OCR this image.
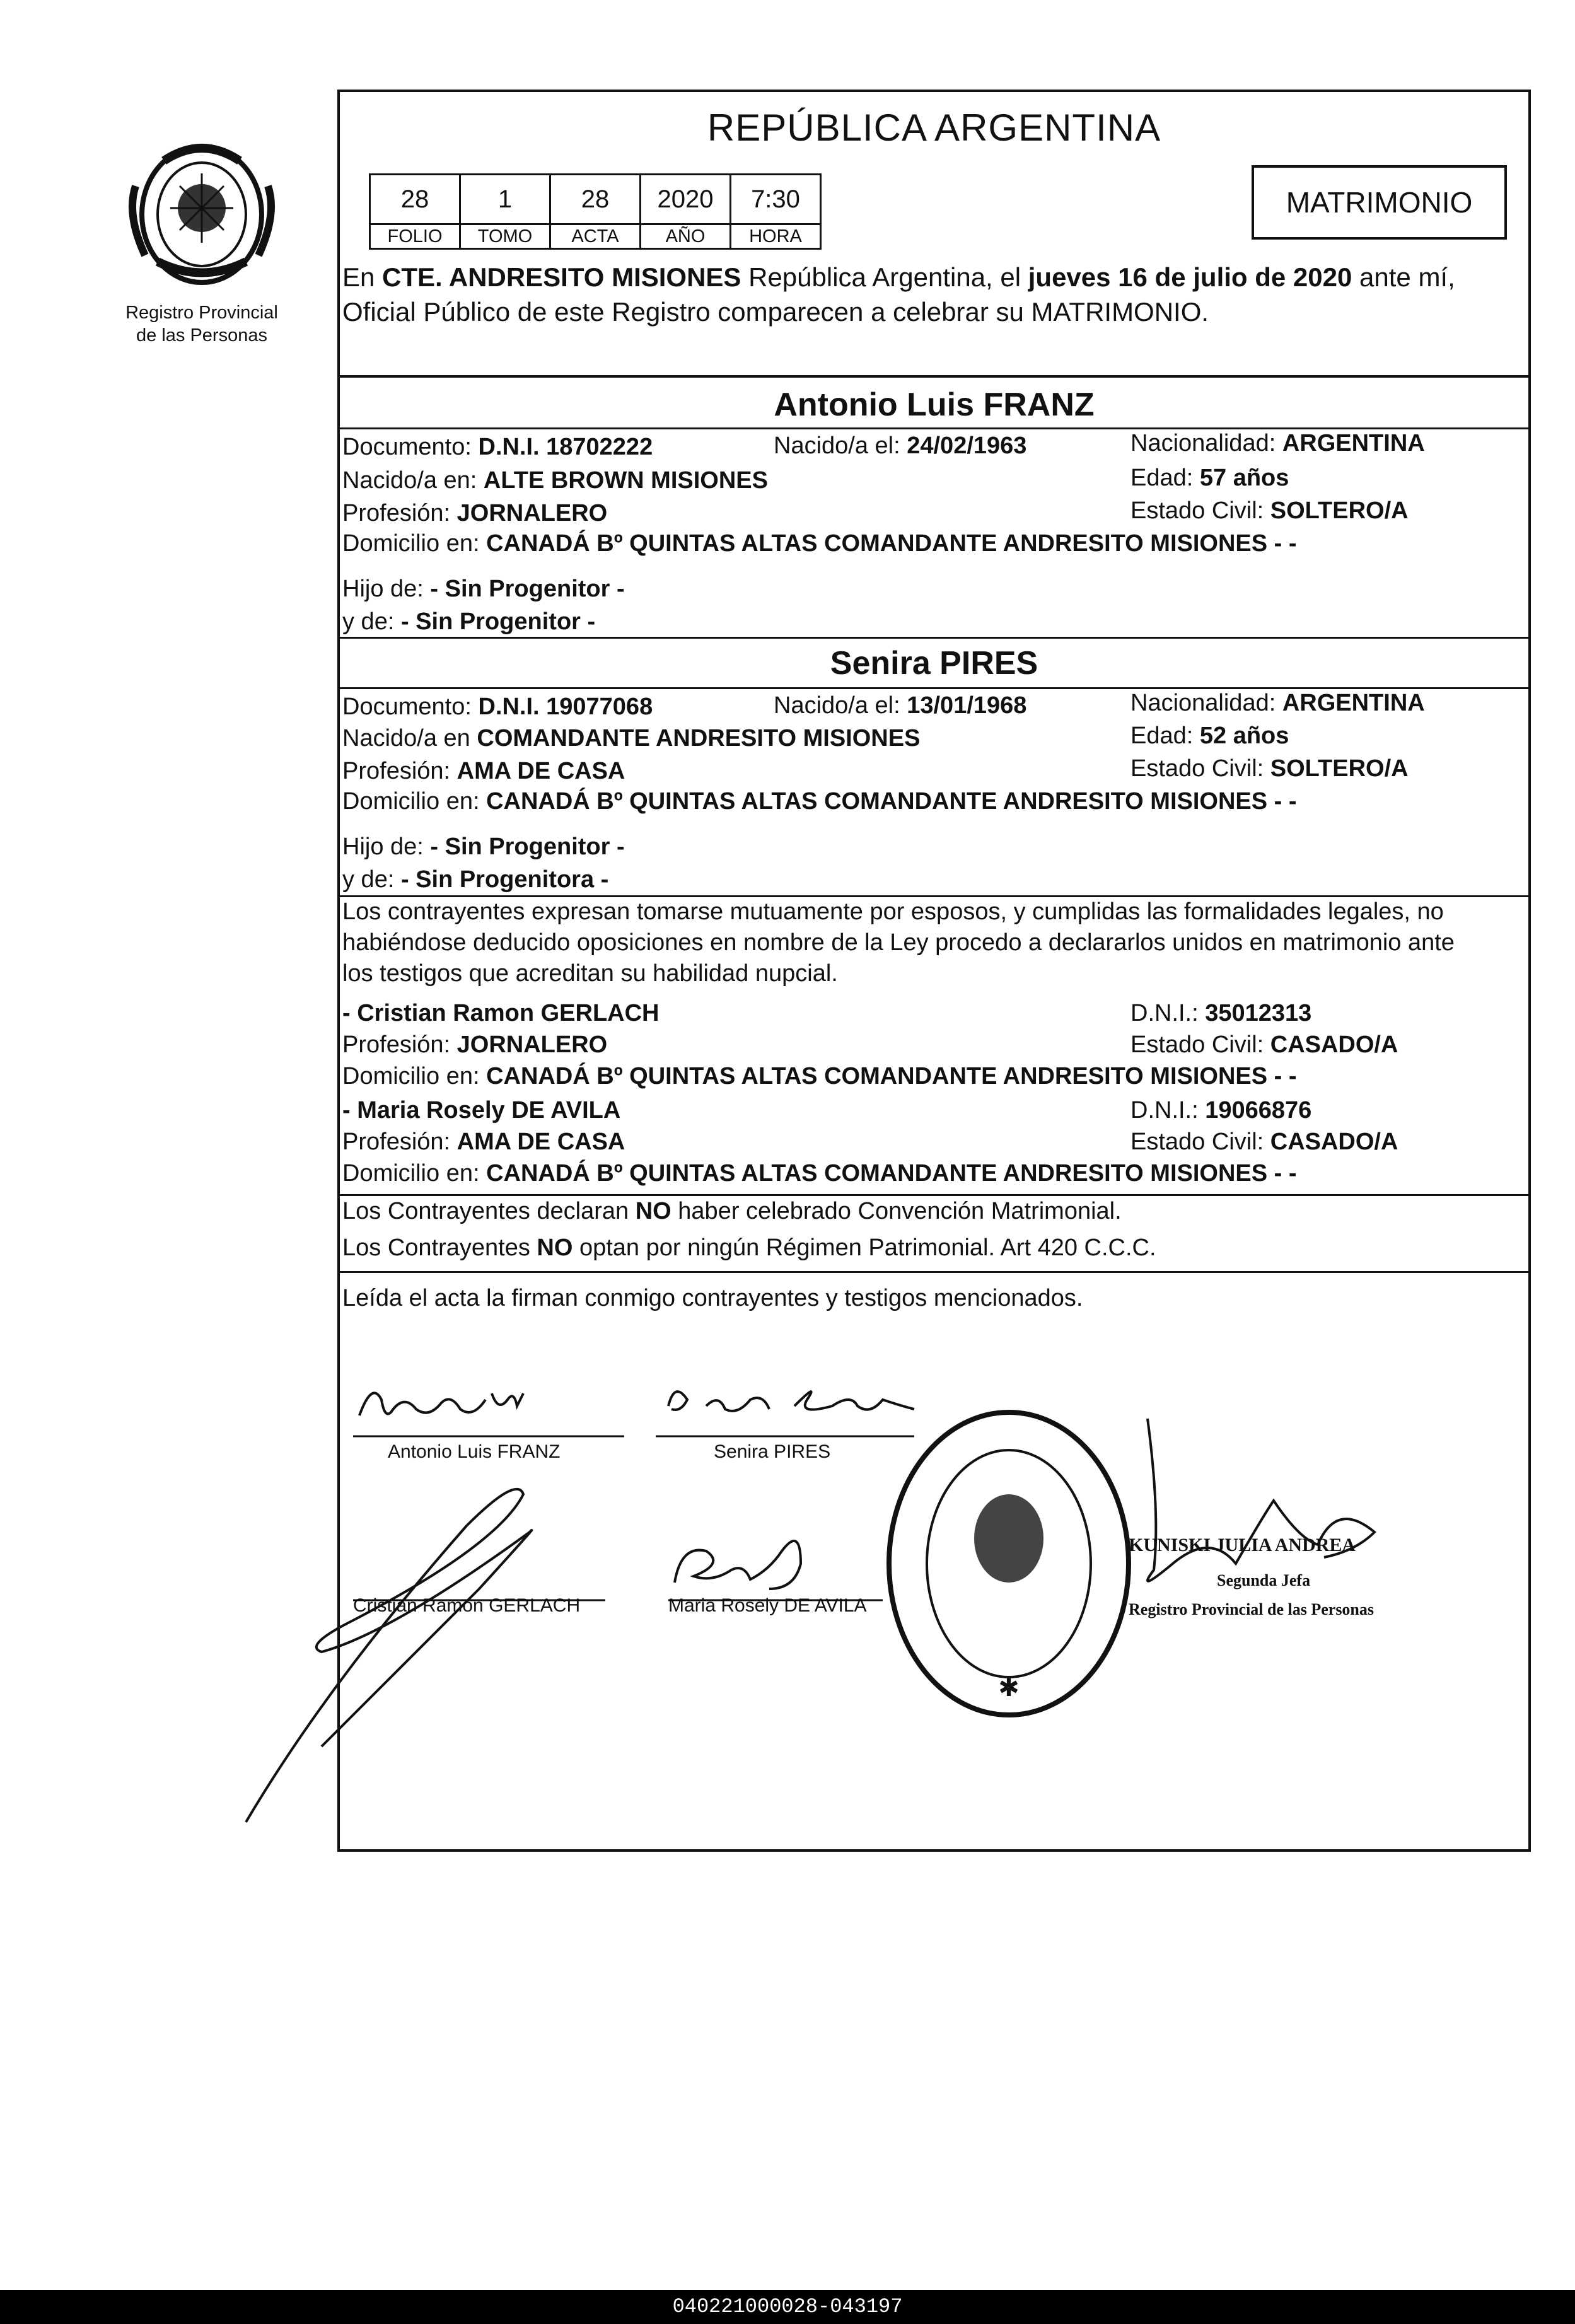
Registro Provincial
de las Personas
REPÚBLICA ARGENTINA
28	1	28	2020	7:30
FOLIO	TOMO	ACTA	AÑO	HORA
MATRIMONIO
En CTE. ANDRESITO MISIONES República Argentina, el jueves 16 de julio de 2020 ante mí, Oficial Público de este Registro comparecen a celebrar su MATRIMONIO.
Antonio Luis FRANZ
Documento: D.N.I. 18702222	Nacido/a el: 24/02/1963	Nacionalidad: ARGENTINA
Nacido/a en: ALTE BROWN MISIONES	Edad: 57 años
Profesión: JORNALERO	Estado Civil: SOLTERO/A
Domicilio en: CANADÁ Bº QUINTAS ALTAS COMANDANTE ANDRESITO MISIONES - -
Hijo de: - Sin Progenitor -
y de: - Sin Progenitor -
Senira PIRES
Documento: D.N.I. 19077068	Nacido/a el: 13/01/1968	Nacionalidad: ARGENTINA
Nacido/a en COMANDANTE ANDRESITO MISIONES	Edad: 52 años
Profesión: AMA DE CASA	Estado Civil: SOLTERO/A
Domicilio en: CANADÁ Bº QUINTAS ALTAS COMANDANTE ANDRESITO MISIONES - -
Hijo de: - Sin Progenitor -
y de: - Sin Progenitora -
Los contrayentes expresan tomarse mutuamente por esposos, y cumplidas las formalidades legales, no
habiéndose deducido oposiciones en nombre de la Ley procedo a declararlos unidos en matrimonio ante
los testigos que acreditan su habilidad nupcial.
- Cristian Ramon GERLACH	D.N.I.: 35012313
Profesión: JORNALERO	Estado Civil: CASADO/A
Domicilio en: CANADÁ Bº QUINTAS ALTAS COMANDANTE ANDRESITO MISIONES - -
- Maria Rosely DE AVILA	D.N.I.: 19066876
Profesión: AMA DE CASA	Estado Civil: CASADO/A
Domicilio en: CANADÁ Bº QUINTAS ALTAS COMANDANTE ANDRESITO MISIONES - -
Los Contrayentes declaran NO haber celebrado Convención Matrimonial.
Los Contrayentes NO optan por ningún Régimen Patrimonial. Art 420 C.C.C.
Leída el acta la firman conmigo contrayentes y testigos mencionados.
✱
Antonio Luis FRANZ	Senira PIRES
Cristian Ramon GERLACH	Maria Rosely DE AVILA
KUNISKI JULIA ANDREA
Segunda Jefa
Registro Provincial de las Personas
040221000028-043197
